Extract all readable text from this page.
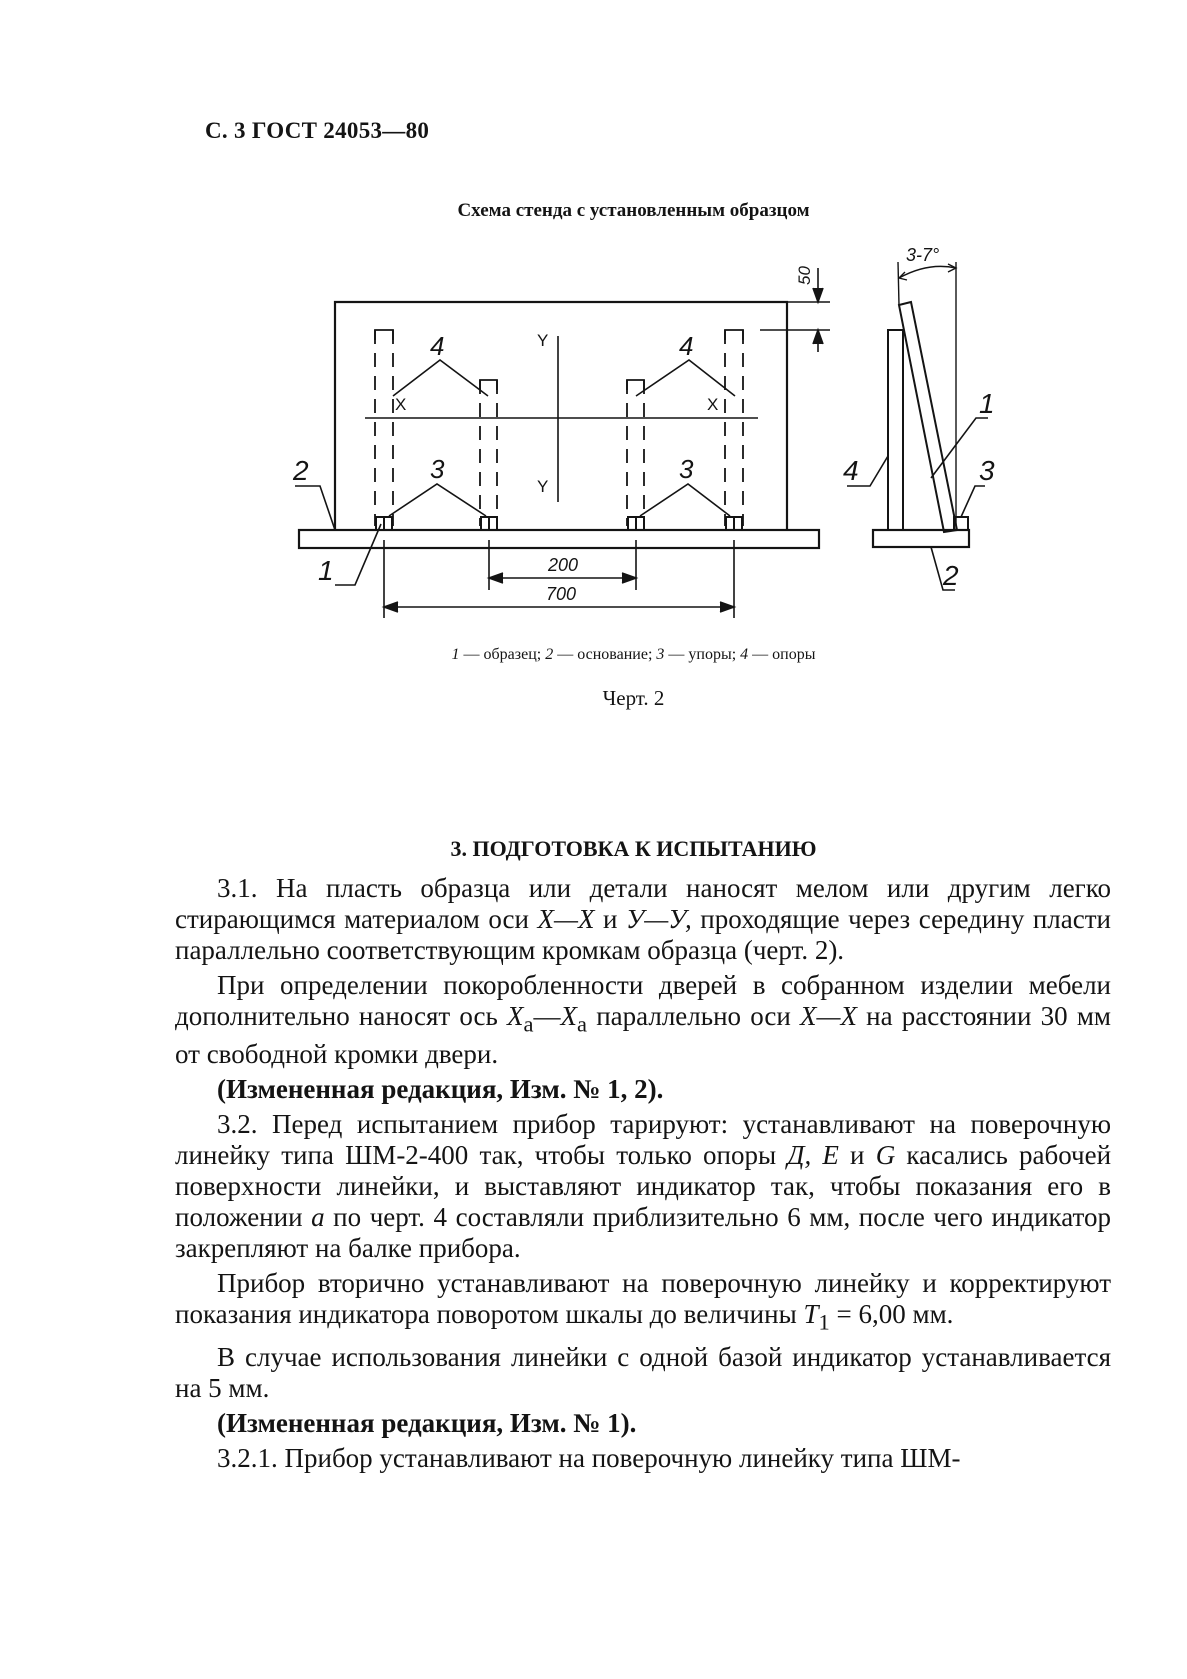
С. 3 ГОСТ 24053—80
Схема стенда с установленным образцом
50
200
700
Y
Y
X	X
4	4
3	3
2
1
3-7°
1
4	3
2
1 — образец; 2 — основание; 3 — упоры; 4 — опоры
Черт. 2
3. ПОДГОТОВКА К ИСПЫТАНИЮ

3.1. На пласть образца или детали наносят мелом или другим легко стирающимся материалом оси X—X и У—У, проходящие через середину пласти параллельно соответствующим кромкам образца (черт. 2).

При определении покоробленности дверей в собранном изделии мебели дополнительно наносят ось $X_а—X_а$ параллельно оси X—X на расстоянии 30 мм от свободной кромки двери.

(Измененная редакция, Изм. № 1, 2).

3.2. Перед испытанием прибор тарируют: устанавливают на поверочную линейку типа ШМ-2-400 так, чтобы только опоры Д, Е и G касались рабочей поверхности линейки, и выставляют индикатор так, чтобы показания его в положении а по черт. 4 составляли приблизительно 6 мм, после чего индикатор закрепляют на балке прибора.

Прибор вторично устанавливают на поверочную линейку и корректируют показания индикатора поворотом шкалы до величины $T_1 = 6,00$ мм.

В случае использования линейки с одной базой индикатор устанавливается на 5 мм.

(Измененная редакция, Изм. № 1).

3.2.1. Прибор устанавливают на поверочную линейку типа ШМ-
